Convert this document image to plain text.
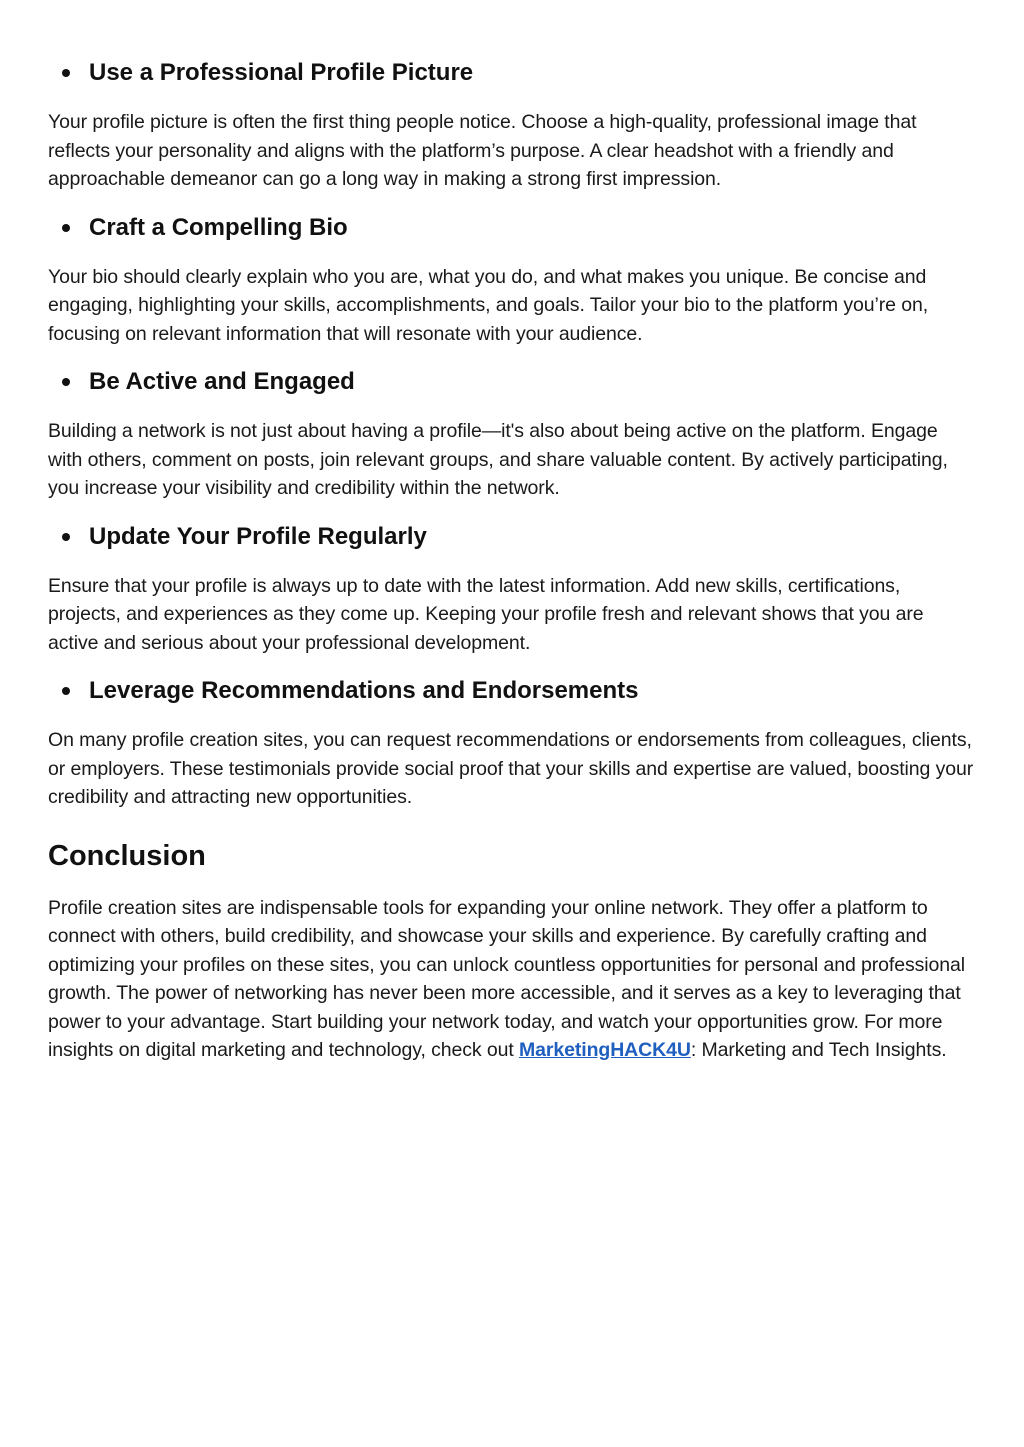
Use a Professional Profile Picture

Your profile picture is often the first thing people notice. Choose a high-quality, professional image that reflects your personality and aligns with the platform’s purpose. A clear headshot with a friendly and approachable demeanor can go a long way in making a strong first impression.

Craft a Compelling Bio

Your bio should clearly explain who you are, what you do, and what makes you unique. Be concise and engaging, highlighting your skills, accomplishments, and goals. Tailor your bio to the platform you’re on, focusing on relevant information that will resonate with your audience.

Be Active and Engaged

Building a network is not just about having a profile—it's also about being active on the platform. Engage with others, comment on posts, join relevant groups, and share valuable content. By actively participating, you increase your visibility and credibility within the network.

Update Your Profile Regularly

Ensure that your profile is always up to date with the latest information. Add new skills, certifications, projects, and experiences as they come up. Keeping your profile fresh and relevant shows that you are active and serious about your professional development.

Leverage Recommendations and Endorsements

On many profile creation sites, you can request recommendations or endorsements from colleagues, clients, or employers. These testimonials provide social proof that your skills and expertise are valued, boosting your credibility and attracting new opportunities.

Conclusion

Profile creation sites are indispensable tools for expanding your online network. They offer a platform to connect with others, build credibility, and showcase your skills and experience. By carefully crafting and optimizing your profiles on these sites, you can unlock countless opportunities for personal and professional growth. The power of networking has never been more accessible, and it serves as a key to leveraging that power to your advantage. Start building your network today, and watch your opportunities grow. For more insights on digital marketing and technology, check out MarketingHACK4U: Marketing and Tech Insights.
